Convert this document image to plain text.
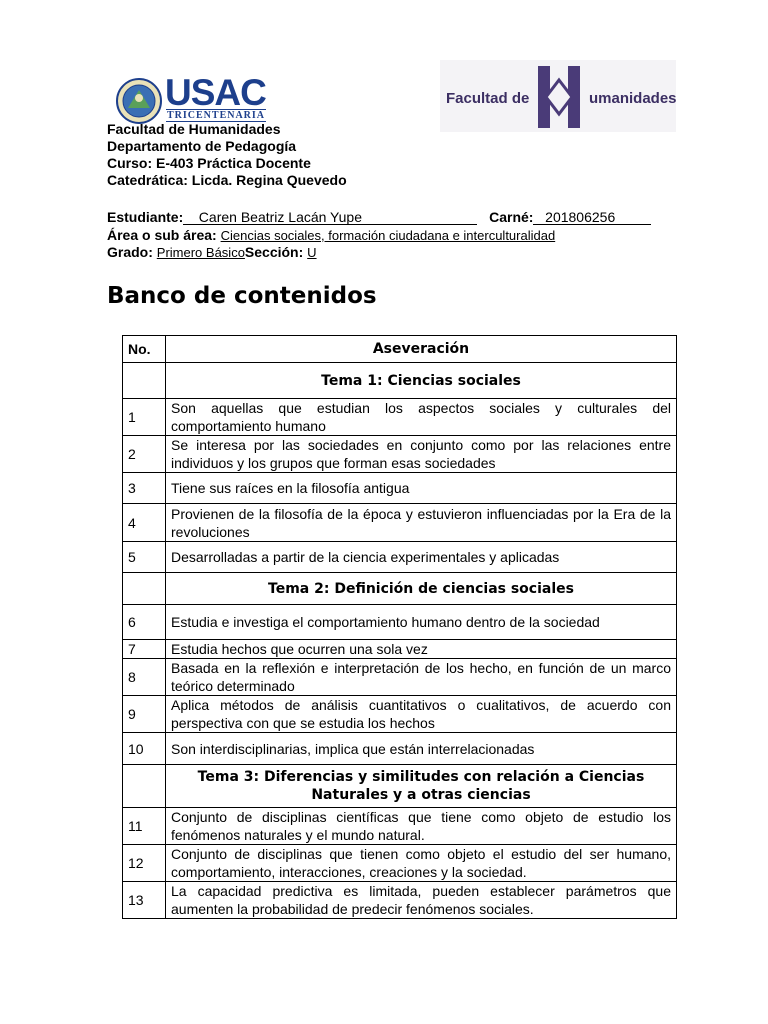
USAC
TRICENTENARIA
Facultad de	umanidades
Facultad de Humanidades
Departamento de Pedagogía
Curso: E-403 Práctica Docente
Catedrática: Licda. Regina Quevedo
Estudiante: Caren Beatriz Lacán Yupe	Carné: 201806256
Área o sub área: Ciencias sociales, formación ciudadana e interculturalidad
Grado: Primero BásicoSección: U
Banco de contenidos
No.	Aseveración
	Tema 1: Ciencias sociales
1	Son aquellas que estudian los aspectos sociales y culturales del comportamiento humano
2	Se interesa por las sociedades en conjunto como por las relaciones entre individuos y los grupos que forman esas sociedades
3	Tiene sus raíces en la filosofía antigua
4	Provienen de la filosofía de la época y estuvieron influenciadas por la Era de la revoluciones
5	Desarrolladas a partir de la ciencia experimentales y aplicadas
	Tema 2: Definición de ciencias sociales
6	Estudia e investiga el comportamiento humano dentro de la sociedad
7	Estudia hechos que ocurren una sola vez
8	Basada en la reflexión e interpretación de los hecho, en función de un marco teórico determinado
9	Aplica métodos de análisis cuantitativos o cualitativos, de acuerdo con perspectiva con que se estudia los hechos
10	Son interdisciplinarias, implica que están interrelacionadas

	Tema 3: Diferencias y similitudes con relación a Ciencias
Naturales y a otras ciencias

11	Conjunto de disciplinas científicas que tiene como objeto de estudio los fenómenos naturales y el mundo natural.
12	Conjunto de disciplinas que tienen como objeto el estudio del ser humano, comportamiento, interacciones, creaciones y la sociedad.
13	La capacidad predictiva es limitada, pueden establecer parámetros que aumenten la probabilidad de predecir fenómenos sociales.
